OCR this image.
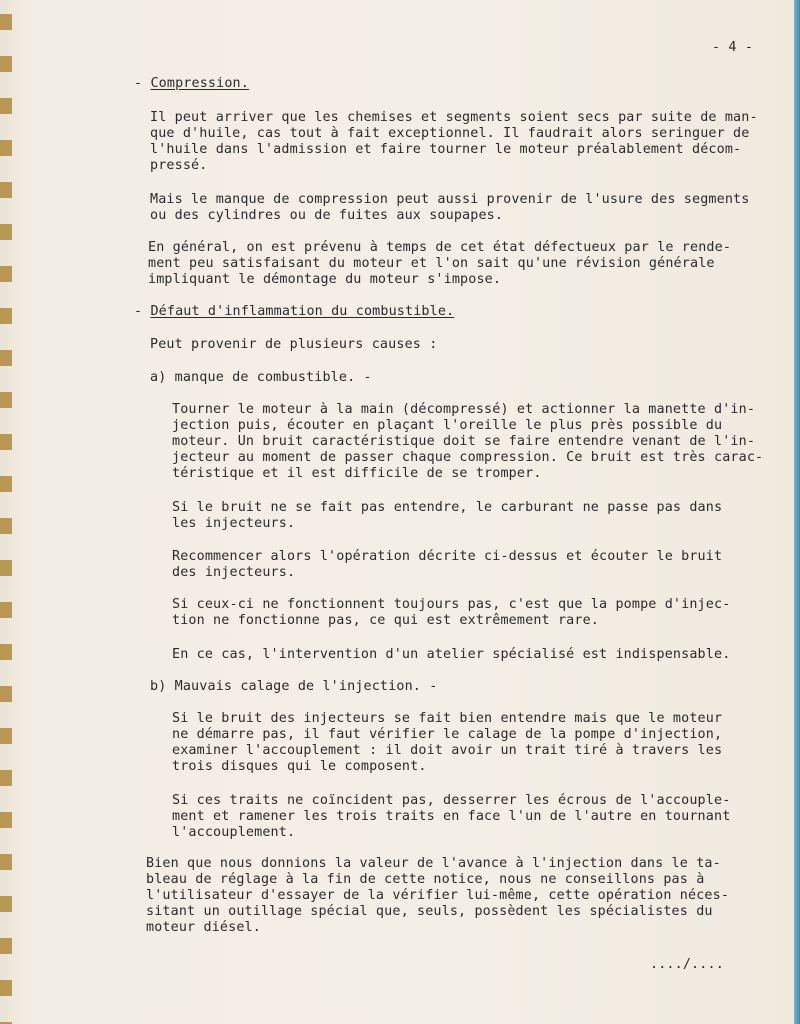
- 4 -
- Compression.
Il peut arriver que les chemises et segments soient secs par suite de man-
que d'huile, cas tout à fait exceptionnel. Il faudrait alors seringuer de
l'huile dans l'admission et faire tourner le moteur préalablement décom-
pressé.
Mais le manque de compression peut aussi provenir de l'usure des segments
ou des cylindres ou de fuites aux soupapes.
En général, on est prévenu à temps de cet état défectueux par le rende-
ment peu satisfaisant du moteur et l'on sait qu'une révision générale
impliquant le démontage du moteur s'impose.
- Défaut d'inflammation du combustible.
Peut provenir de plusieurs causes :
a) manque de combustible. -
Tourner le moteur à la main (décompressé) et actionner la manette d'in-
jection puis, écouter en plaçant l'oreille le plus près possible du
moteur. Un bruit caractéristique doit se faire entendre venant de l'in-
jecteur au moment de passer chaque compression. Ce bruit est très carac-
téristique et il est difficile de se tromper.
Si le bruit ne se fait pas entendre, le carburant ne passe pas dans
les injecteurs.
Recommencer alors l'opération décrite ci-dessus et écouter le bruit
des injecteurs.
Si ceux-ci ne fonctionnent toujours pas, c'est que la pompe d'injec-
tion ne fonctionne pas, ce qui est extrêmement rare.
En ce cas, l'intervention d'un atelier spécialisé est indispensable.
b) Mauvais calage de l'injection. -
Si le bruit des injecteurs se fait bien entendre mais que le moteur
ne démarre pas, il faut vérifier le calage de la pompe d'injection,
examiner l'accouplement : il doit avoir un trait tiré à travers les
trois disques qui le composent.
Si ces traits ne coïncident pas, desserrer les écrous de l'accouple-
ment et ramener les trois traits en face l'un de l'autre en tournant
l'accouplement.
Bien que nous donnions la valeur de l'avance à l'injection dans le ta-
bleau de réglage à la fin de cette notice, nous ne conseillons pas à
l'utilisateur d'essayer de la vérifier lui-même, cette opération néces-
sitant un outillage spécial que, seuls, possèdent les spécialistes du
moteur diésel.
..../....
